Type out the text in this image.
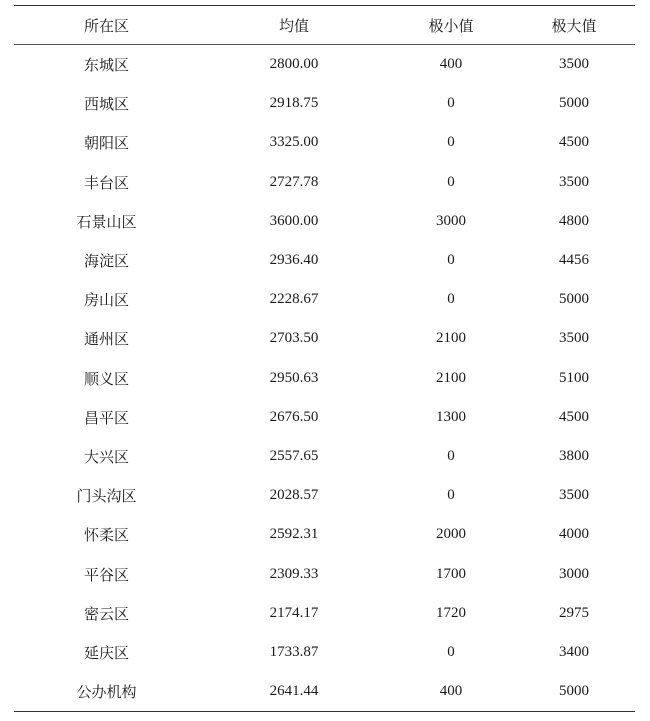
所在区	均值	极小值	极大值
东城区	2800.00	400	3500
西城区	2918.75	0	5000
朝阳区	3325.00	0	4500
丰台区	2727.78	0	3500
石景山区	3600.00	3000	4800
海淀区	2936.40	0	4456
房山区	2228.67	0	5000
通州区	2703.50	2100	3500
顺义区	2950.63	2100	5100
昌平区	2676.50	1300	4500
大兴区	2557.65	0	3800
门头沟区	2028.57	0	3500
怀柔区	2592.31	2000	4000
平谷区	2309.33	1700	3000
密云区	2174.17	1720	2975
延庆区	1733.87	0	3400
公办机构	2641.44	400	5000
